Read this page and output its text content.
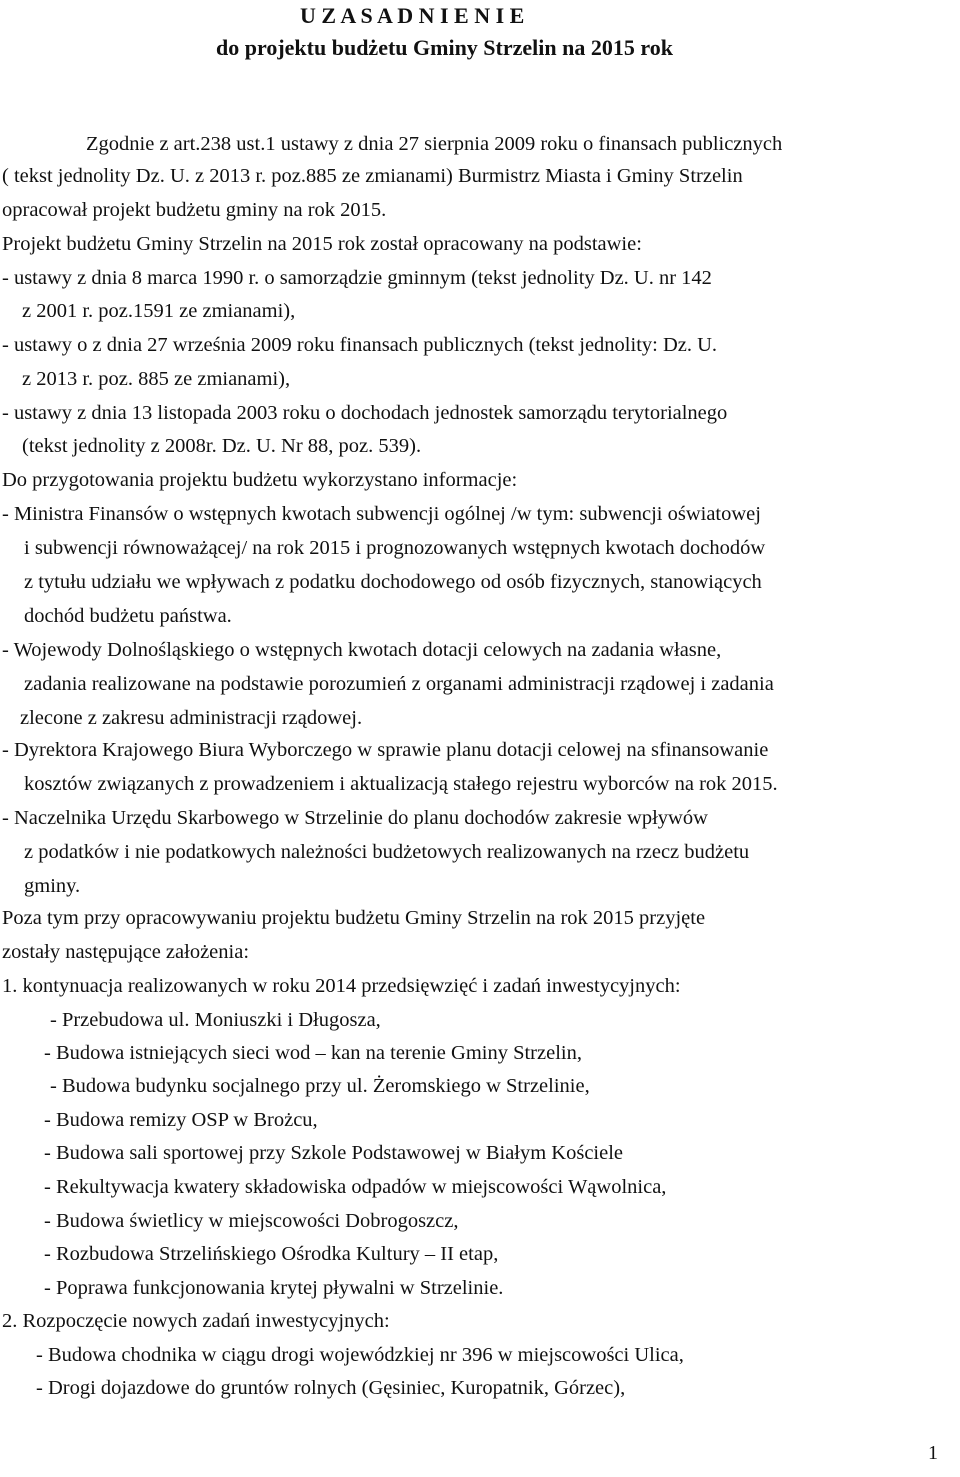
U Z A S A D N I E N I E
do projektu budżetu Gminy Strzelin na 2015 rok
Zgodnie z art.238 ust.1 ustawy z dnia 27 sierpnia 2009 roku o finansach publicznych
( tekst jednolity Dz. U. z 2013 r. poz.885 ze zmianami) Burmistrz Miasta i Gminy Strzelin
opracował projekt budżetu gminy na rok 2015.
Projekt budżetu Gminy Strzelin na 2015 rok został opracowany na podstawie:
- ustawy z dnia 8 marca 1990 r. o samorządzie gminnym (tekst jednolity Dz. U. nr 142
z 2001 r. poz.1591 ze zmianami),
- ustawy o z dnia 27 września 2009 roku finansach publicznych (tekst jednolity: Dz. U.
z 2013 r. poz. 885 ze zmianami),
- ustawy z dnia 13 listopada 2003 roku o dochodach jednostek samorządu terytorialnego
(tekst jednolity z 2008r. Dz. U. Nr 88, poz. 539).
Do przygotowania projektu budżetu wykorzystano informacje:
- Ministra Finansów o wstępnych kwotach subwencji ogólnej /w tym: subwencji oświatowej
i subwencji równoważącej/ na rok 2015 i prognozowanych wstępnych kwotach dochodów
z tytułu udziału we wpływach z podatku dochodowego od osób fizycznych, stanowiących
dochód budżetu państwa.
- Wojewody Dolnośląskiego o wstępnych kwotach dotacji celowych na zadania własne,
zadania realizowane na podstawie porozumień z organami administracji rządowej i zadania
zlecone z zakresu administracji rządowej.
- Dyrektora Krajowego Biura Wyborczego w sprawie planu dotacji celowej na sfinansowanie
kosztów związanych z prowadzeniem i aktualizacją stałego rejestru wyborców na rok 2015.
- Naczelnika Urzędu Skarbowego w Strzelinie do planu dochodów zakresie wpływów
z podatków i nie podatkowych należności budżetowych realizowanych na rzecz budżetu
gminy.
Poza tym przy opracowywaniu projektu budżetu Gminy Strzelin na rok 2015 przyjęte
zostały następujące założenia:
1. kontynuacja realizowanych w roku 2014 przedsięwzięć i zadań inwestycyjnych:
- Przebudowa ul. Moniuszki i Długosza,
- Budowa istniejących sieci wod – kan na terenie Gminy Strzelin,
- Budowa budynku socjalnego przy ul. Żeromskiego w Strzelinie,
- Budowa remizy OSP w Brożcu,
- Budowa sali sportowej przy Szkole Podstawowej w Białym Kościele
- Rekultywacja kwatery składowiska odpadów w miejscowości Wąwolnica,
- Budowa świetlicy w miejscowości Dobrogoszcz,
- Rozbudowa Strzelińskiego Ośrodka Kultury – II etap,
- Poprawa funkcjonowania krytej pływalni w Strzelinie.
2. Rozpoczęcie nowych zadań inwestycyjnych:
- Budowa chodnika w ciągu drogi wojewódzkiej nr 396 w miejscowości Ulica,
- Drogi dojazdowe do gruntów rolnych (Gęsiniec, Kuropatnik, Górzec),
1
